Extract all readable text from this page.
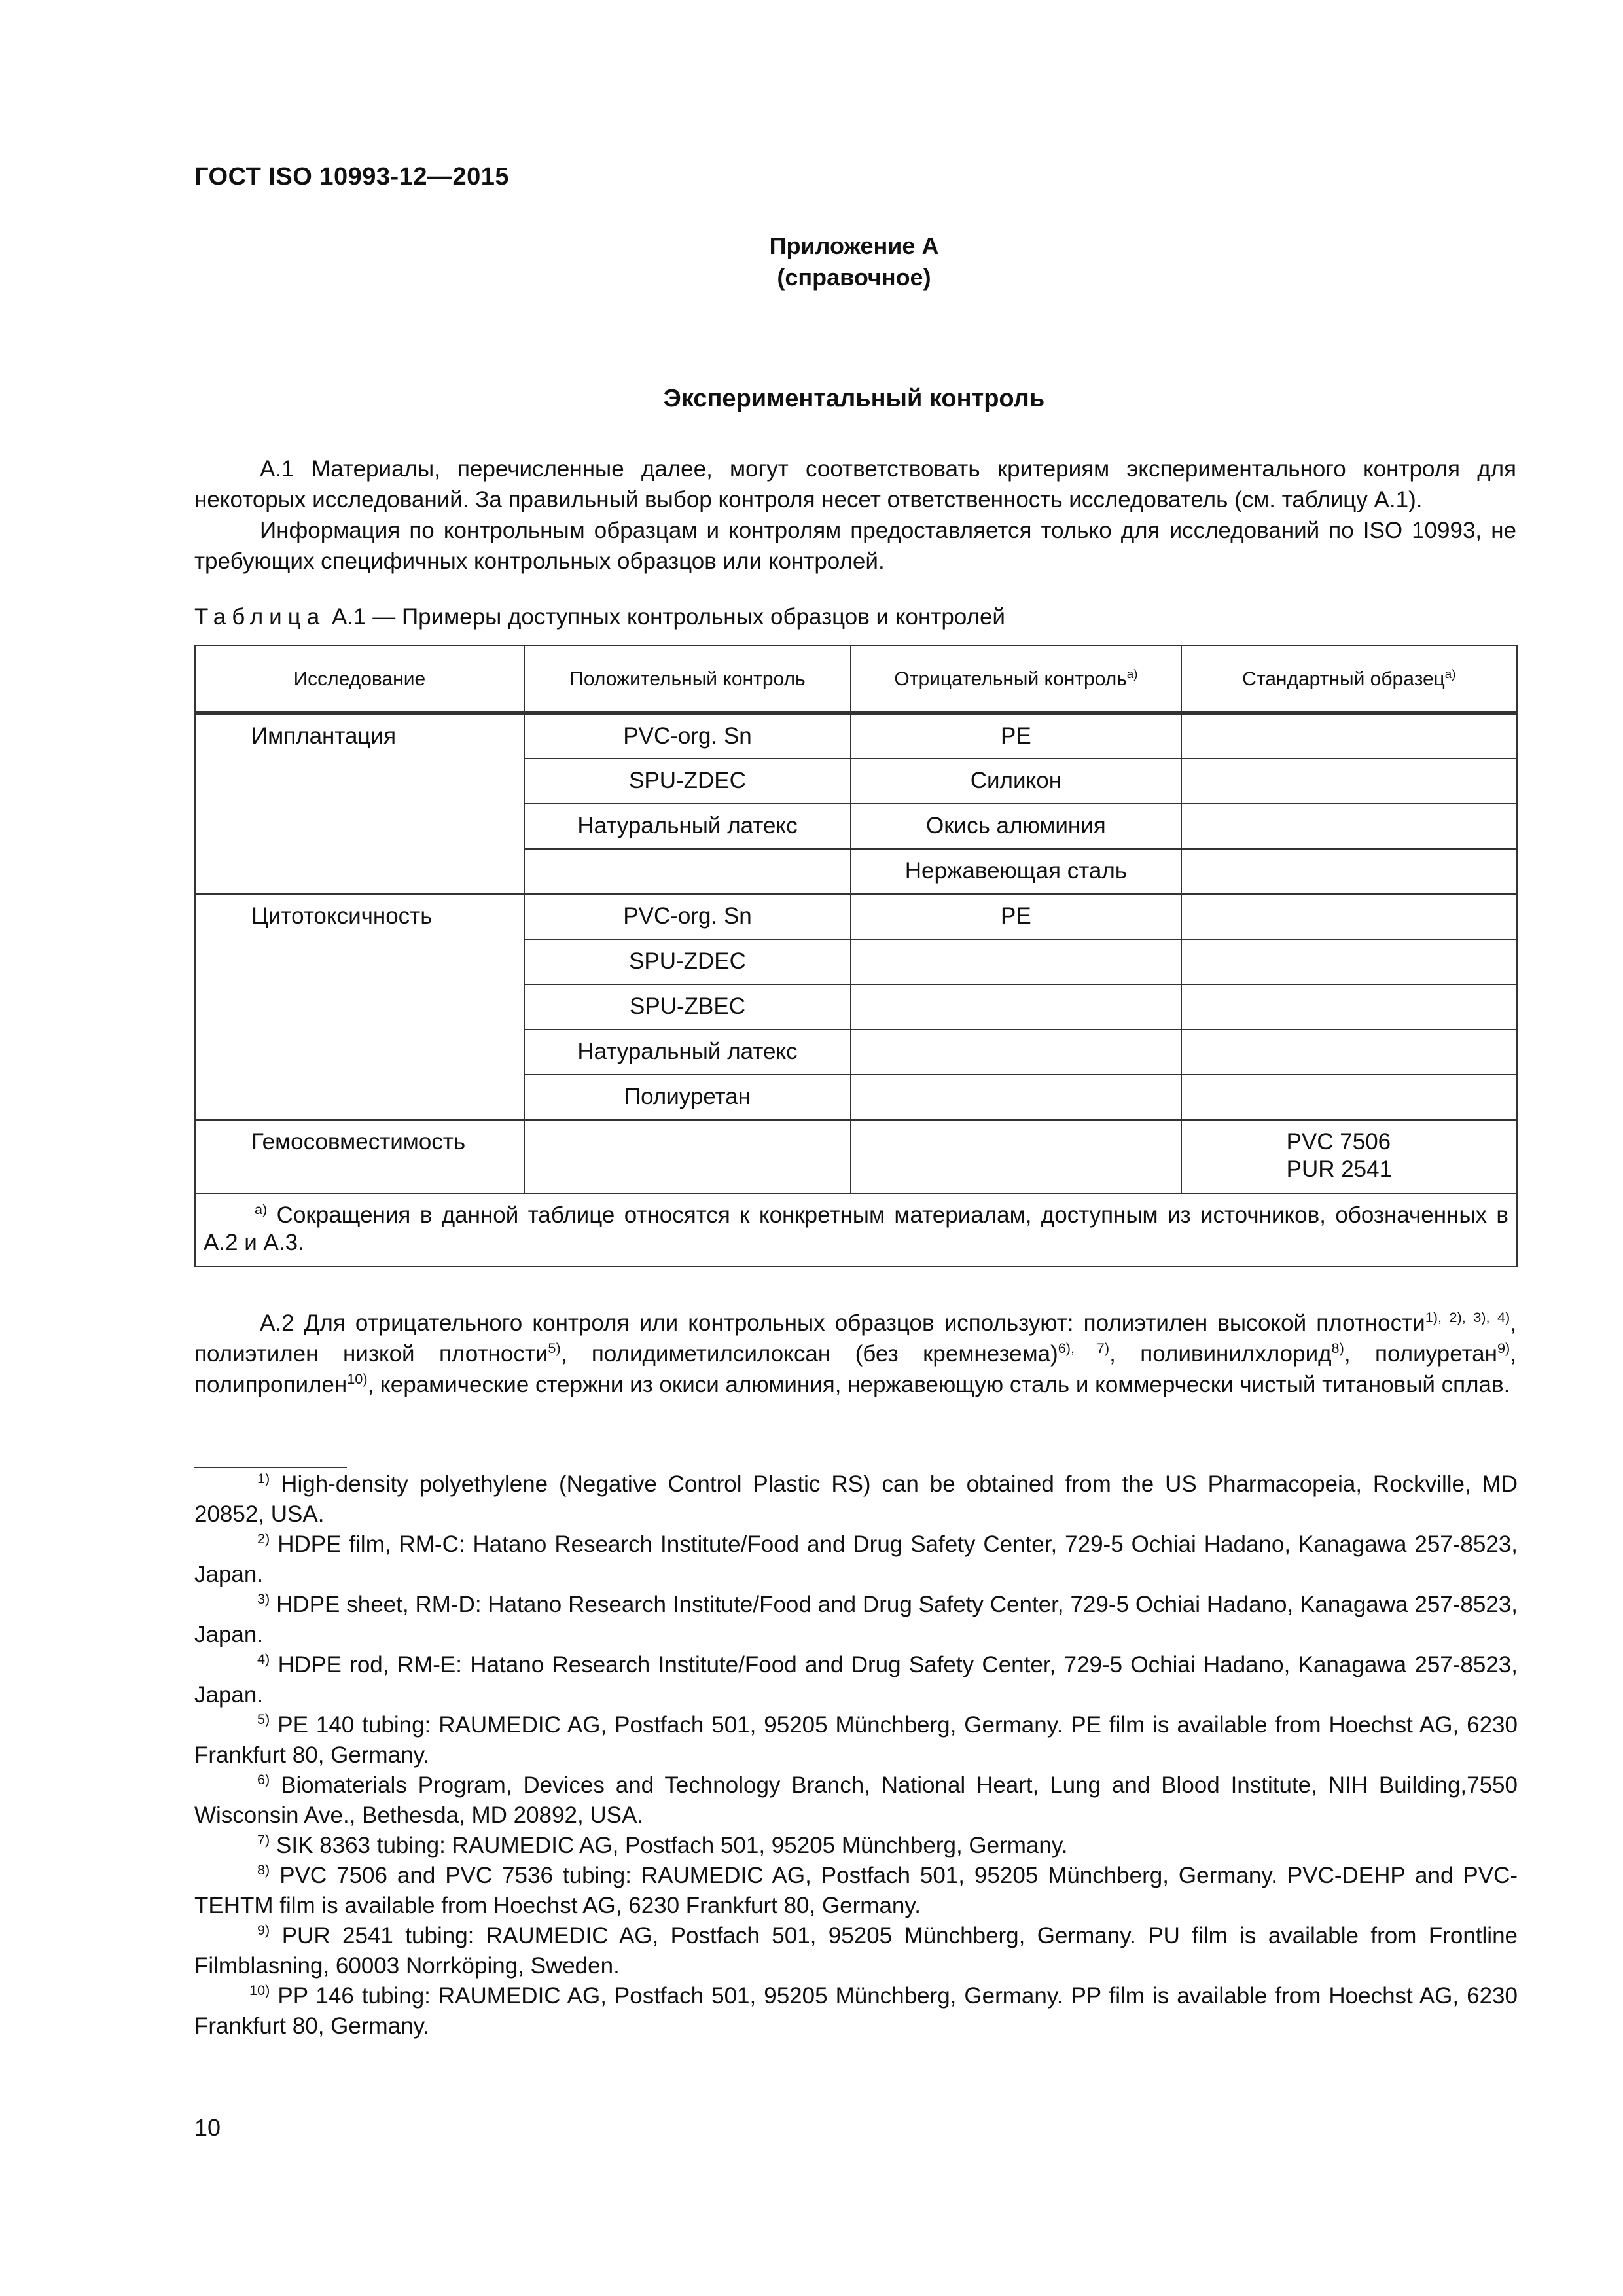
ГОСТ ISO 10993-12—2015
Приложение А
(справочное)
Экспериментальный контроль
А.1 Материалы, перечисленные далее, могут соответствовать критериям экспериментального контроля для некоторых исследований. За правильный выбор контроля несет ответственность исследователь (см. таблицу А.1).
Информация по контрольным образцам и контролям предоставляется только для исследований по ISO 10993, не требующих специфичных контрольных образцов или контролей.
Таблица А.1 — Примеры доступных контрольных образцов и контролей
Исследование	Положительный контроль	Отрицательный контроль$^{a)}$	Стандартный образец$^{a)}$
Имплантация	PVC-org. Sn	PE	
	SPU-ZDEC	Силикон	
	Натуральный латекс	Окись алюминия	
		Нержавеющая сталь	
Цитотоксичность	PVC-org. Sn	PE	
	SPU-ZDEC		
	SPU-ZBEC		
	Натуральный латекс		
	Полиуретан		
Гемосовместимость			PVC 7506
PUR 2541

$^{a)}$ Сокращения в данной таблице относятся к конкретным материалам, доступным из источников, обозначенных в А.2 и А.3.			
А.2 Для отрицательного контроля или контрольных образцов используют: полиэтилен высокой плотности$^{1), 2), 3), 4)}$, полиэтилен низкой плотности$^{5)}$, полидиметилсилоксан (без кремнезема)$^{6), 7)}$, поливинилхлорид$^{8)}$, полиуретан$^{9)}$, полипропилен$^{10)}$, керамические стержни из окиси алюминия, нержавеющую сталь и коммерчески чистый титановый сплав.
$^{1)}$ High-density polyethylene (Negative Control Plastic RS) can be obtained from the US Pharmacopeia, Rockville, MD 20852, USA.
$^{2)}$ HDPE film, RM-C: Hatano Research Institute/Food and Drug Safety Center, 729-5 Ochiai Hadano, Kanagawa 257-8523, Japan.
$^{3)}$ HDPE sheet, RM-D: Hatano Research Institute/Food and Drug Safety Center, 729-5 Ochiai Hadano, Kanagawa 257-8523, Japan.
$^{4)}$ HDPE rod, RM-E: Hatano Research Institute/Food and Drug Safety Center, 729-5 Ochiai Hadano, Kanagawa 257-8523, Japan.
$^{5)}$ PE 140 tubing: RAUMEDIC AG, Postfach 501, 95205 Münchberg, Germany. PE film is available from Hoechst AG, 6230 Frankfurt 80, Germany.
$^{6)}$ Biomaterials Program, Devices and Technology Branch, National Heart, Lung and Blood Institute, NIH Building,7550 Wisconsin Ave., Bethesda, MD 20892, USA.
$^{7)}$ SIK 8363 tubing: RAUMEDIC AG, Postfach 501, 95205 Münchberg, Germany.
$^{8)}$ PVC 7506 and PVC 7536 tubing: RAUMEDIC AG, Postfach 501, 95205 Münchberg, Germany. PVC-DEHP and PVC-TEHTM film is available from Hoechst AG, 6230 Frankfurt 80, Germany.
$^{9)}$ PUR 2541 tubing: RAUMEDIC AG, Postfach 501, 95205 Münchberg, Germany. PU film is available from Frontline Filmblasning, 60003 Norrköping, Sweden.
$^{10)}$ PP 146 tubing: RAUMEDIC AG, Postfach 501, 95205 Münchberg, Germany. PP film is available from Hoechst AG, 6230 Frankfurt 80, Germany.
10
